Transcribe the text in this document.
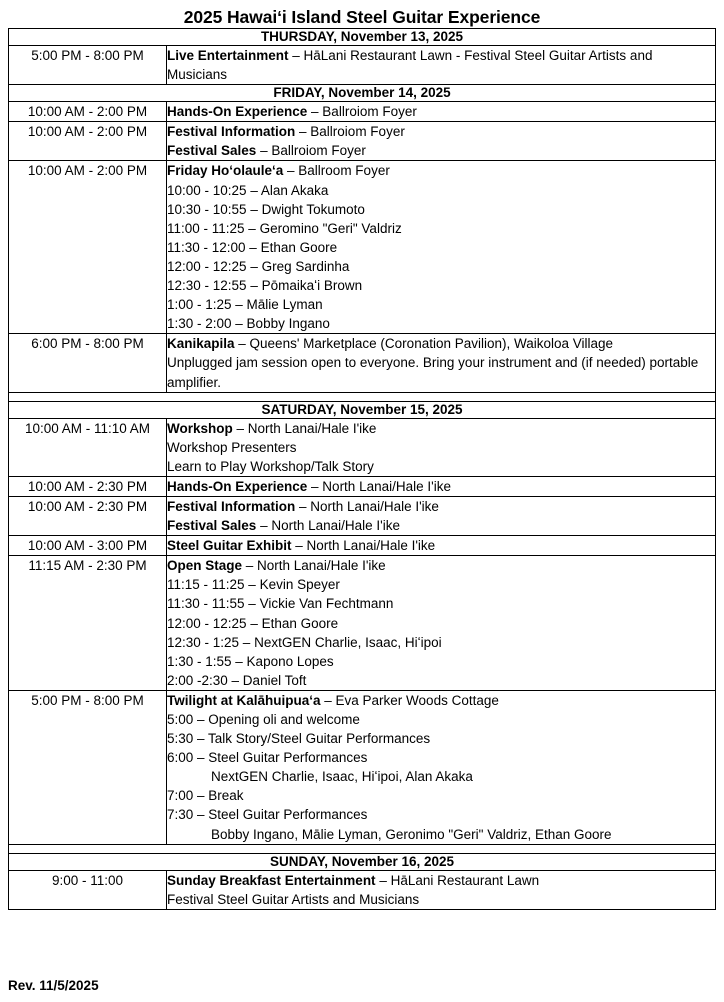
2025 Hawaiʻi Island Steel Guitar Experience
THURSDAY, November 13, 2025	
5:00 PM - 8:00 PM	Live Entertainment – HāLani Restaurant Lawn - Festival Steel Guitar Artists and Musicians

FRIDAY, November 14, 2025	
10:00 AM - 2:00 PM	Hands-On Experience – Ballroiom Foyer

10:00 AM - 2:00 PM	Festival Information – Ballroiom Foyer
Festival Sales – Ballroiom Foyer

10:00 AM - 2:00 PM	Friday Hoʻolauleʻa – Ballroom Foyer
10:00 - 10:25 – Alan Akaka
10:30 - 10:55 – Dwight Tokumoto
11:00 - 11:25 – Geromino "Geri" Valdriz
11:30 - 12:00 – Ethan Goore
12:00 - 12:25 – Greg Sardinha
12:30 - 12:55 – Pōmaikaʻi Brown
1:00 - 1:25 – Mālie Lyman
1:30 - 2:00 – Bobby Ingano

6:00 PM - 8:00 PM	Kanikapila – Queens' Marketplace (Coronation Pavilion), Waikoloa Village
Unplugged jam session open to everyone. Bring your instrument and (if needed) portable amplifier.

SATURDAY, November 15, 2025	
10:00 AM - 11:10 AM	Workshop – North Lanai/Hale I'ike
Workshop Presenters
Learn to Play Workshop/Talk Story

10:00 AM - 2:30 PM	Hands-On Experience – North Lanai/Hale I'ike

10:00 AM - 2:30 PM	Festival Information – North Lanai/Hale I'ike
Festival Sales – North Lanai/Hale I'ike

10:00 AM - 3:00 PM	Steel Guitar Exhibit – North Lanai/Hale I'ike

11:15 AM - 2:30 PM	Open Stage – North Lanai/Hale I'ike
11:15 - 11:25 – Kevin Speyer
11:30 - 11:55 – Vickie Van Fechtmann
12:00 - 12:25 – Ethan Goore
12:30 - 1:25 – NextGEN Charlie, Isaac, Hiʻipoi
1:30 - 1:55 – Kapono Lopes
2:00 -2:30 – Daniel Toft

5:00 PM - 8:00 PM	Twilight at Kalāhuipuaʻa – Eva Parker Woods Cottage
5:00 – Opening oli and welcome
5:30 – Talk Story/Steel Guitar Performances
6:00 – Steel Guitar Performances
NextGEN Charlie, Isaac, Hiʻipoi, Alan Akaka
7:00 – Break
7:30 – Steel Guitar Performances
Bobby Ingano, Mālie Lyman, Geronimo "Geri" Valdriz, Ethan Goore

SUNDAY, November 16, 2025	
9:00 - 11:00	Sunday Breakfast Entertainment – HāLani Restaurant Lawn
Festival Steel Guitar Artists and Musicians
Rev. 11/5/2025
